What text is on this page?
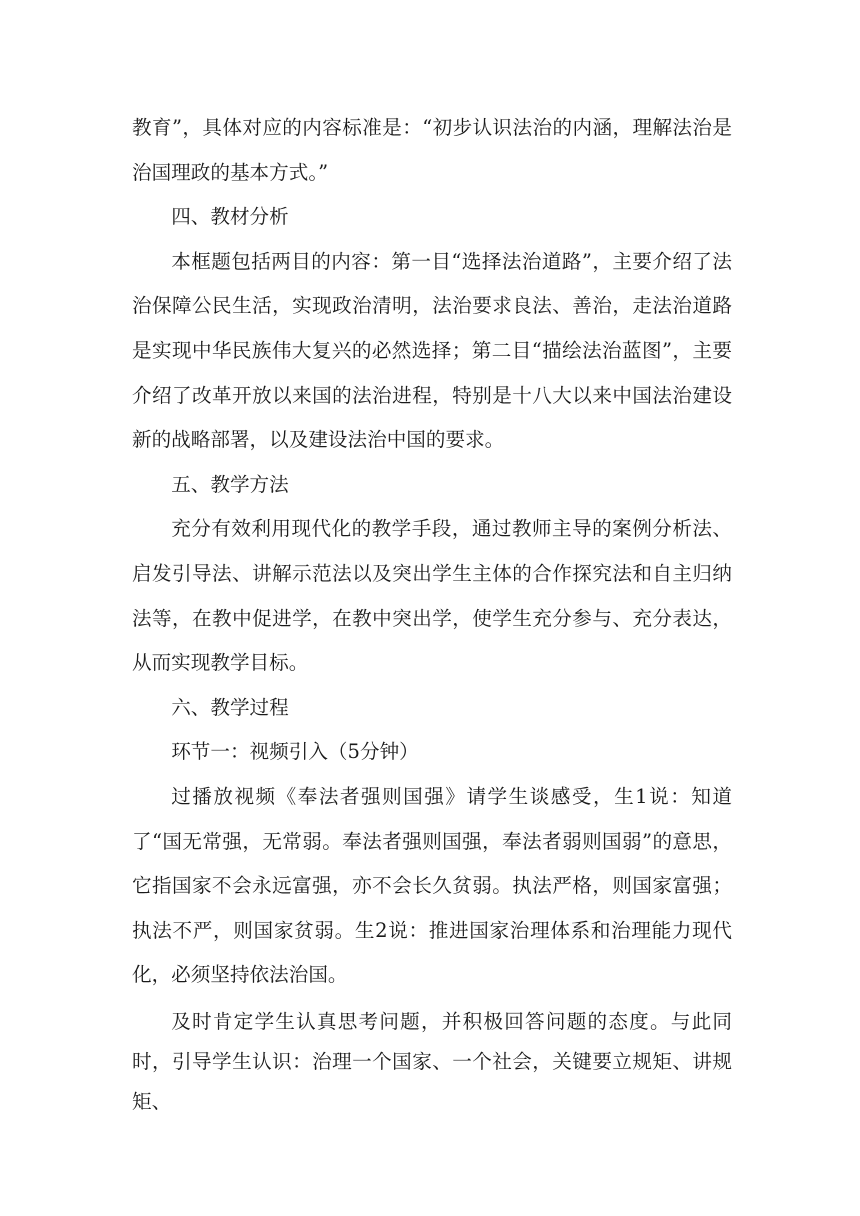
教育”，具体对应的内容标准是：“初步认识法治的内涵，理解法治是治国理政的基本方式。”

四、教材分析

本框题包括两目的内容：第一目“选择法治道路”，主要介绍了法治保障公民生活，实现政治清明，法治要求良法、善治，走法治道路是实现中华民族伟大复兴的必然选择；第二目“描绘法治蓝图”，主要介绍了改革开放以来国的法治进程，特别是十八大以来中国法治建设新的战略部署，以及建设法治中国的要求。

五、教学方法

充分有效利用现代化的教学手段，通过教师主导的案例分析法、启发引导法、讲解示范法以及突出学生主体的合作探究法和自主归纳法等，在教中促进学，在教中突出学，使学生充分参与、充分表达，从而实现教学目标。

六、教学过程

环节一：视频引入（5分钟）

过播放视频《奉法者强则国强》请学生谈感受，生1说：知道了“国无常强，无常弱。奉法者强则国强，奉法者弱则国弱”的意思，它指国家不会永远富强，亦不会长久贫弱。执法严格，则国家富强；执法不严，则国家贫弱。生2说：推进国家治理体系和治理能力现代化，必须坚持依法治国。

及时肯定学生认真思考问题，并积极回答问题的态度。与此同时，引导学生认识：治理一个国家、一个社会，关键要立规矩、讲规矩、
